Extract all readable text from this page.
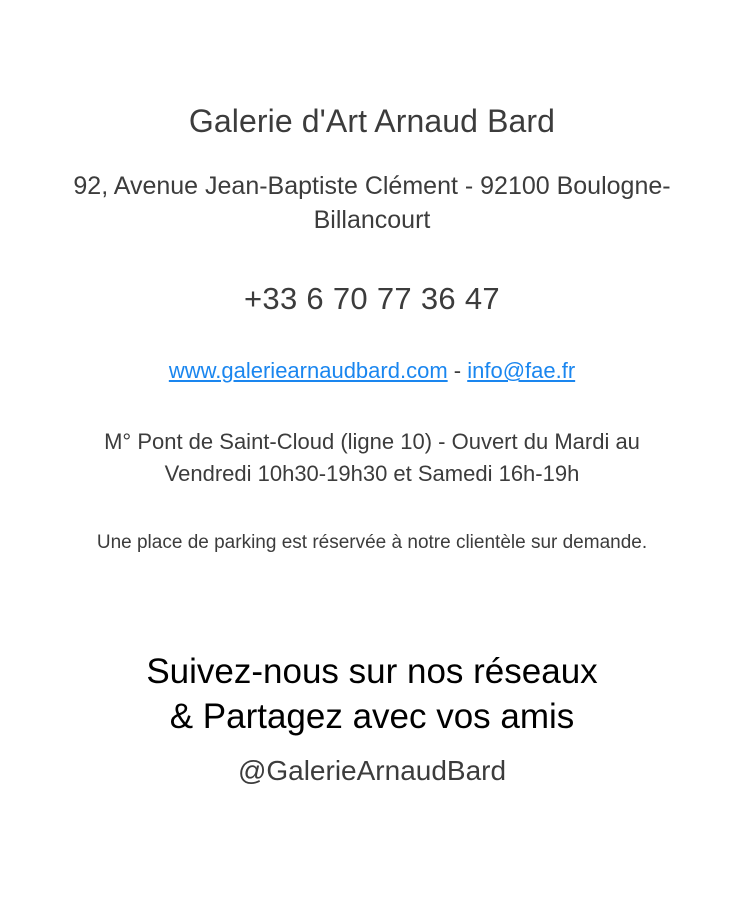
Galerie d'Art Arnaud Bard
92, Avenue Jean-Baptiste Clément - 92100 Boulogne-Billancourt
+33 6 70 77 36 47
www.galeriearnaudbard.com - info@fae.fr
M° Pont de Saint-Cloud (ligne 10) - Ouvert du Mardi au Vendredi 10h30-19h30 et Samedi 16h-19h
Une place de parking est réservée à notre clientèle sur demande.
Suivez-nous sur nos réseaux
& Partagez avec vos amis
@GalerieArnaudBard
